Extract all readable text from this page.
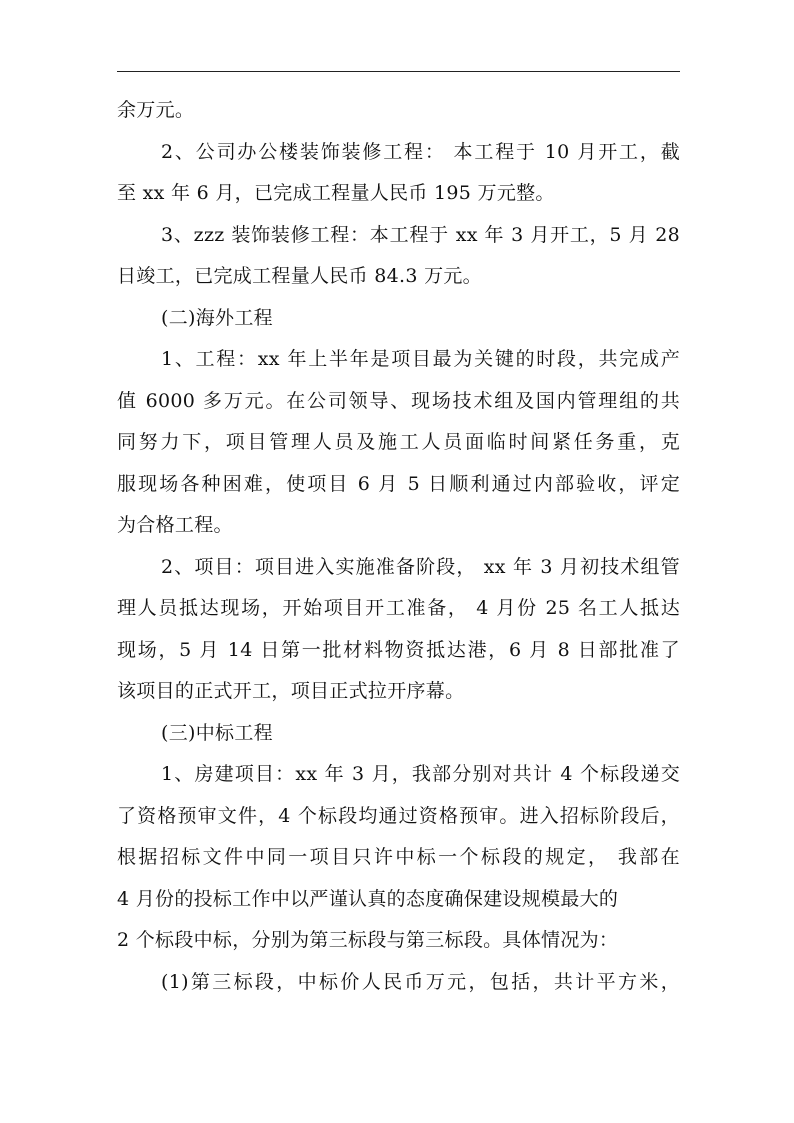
余万元。
2、公司办公楼装饰装修工程： 本工程于 10 月开工，截
至 xx 年 6 月，已完成工程量人民币 195 万元整。
3、zzz 装饰装修工程：本工程于 xx 年 3 月开工，5 月 28
日竣工，已完成工程量人民币 84.3 万元。
(二)海外工程
1、工程：xx 年上半年是项目最为关键的时段，共完成产
值 6000 多万元。在公司领导、现场技术组及国内管理组的共
同努力下，项目管理人员及施工人员面临时间紧任务重，克
服现场各种困难，使项目 6 月 5 日顺利通过内部验收，评定
为合格工程。
2、项目：项目进入实施准备阶段， xx 年 3 月初技术组管
理人员抵达现场，开始项目开工准备， 4 月份 25 名工人抵达
现场，5 月 14 日第一批材料物资抵达港，6 月 8 日部批准了
该项目的正式开工，项目正式拉开序幕。
(三)中标工程
1、房建项目：xx 年 3 月，我部分别对共计 4 个标段递交
了资格预审文件，4 个标段均通过资格预审。进入招标阶段后，
根据招标文件中同一项目只许中标一个标段的规定， 我部在
4 月份的投标工作中以严谨认真的态度确保建设规模最大的
2 个标段中标，分别为第三标段与第三标段。具体情况为：
(1)第三标段，中标价人民币万元，包括，共计平方米，
